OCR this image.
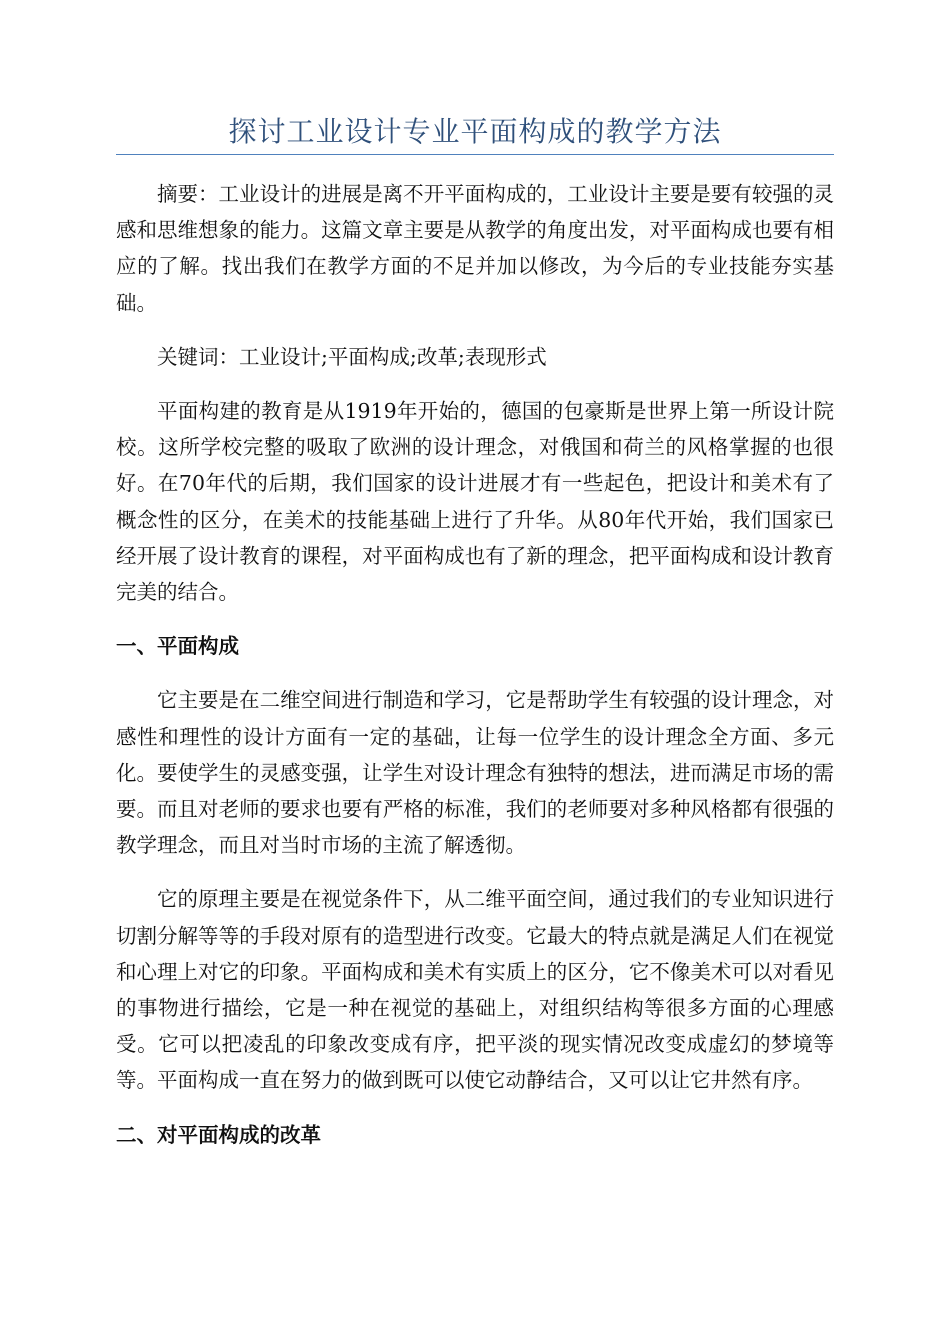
探讨工业设计专业平面构成的教学方法

摘要：工业设计的进展是离不开平面构成的，工业设计主要是要有较强的灵感和思维想象的能力。这篇文章主要是从教学的角度出发，对平面构成也要有相应的了解。找出我们在教学方面的不足并加以修改，为今后的专业技能夯实基础。

关键词：工业设计;平面构成;改革;表现形式

平面构建的教育是从1919年开始的，德国的包豪斯是世界上第一所设计院校。这所学校完整的吸取了欧洲的设计理念，对俄国和荷兰的风格掌握的也很好。在70年代的后期，我们国家的设计进展才有一些起色，把设计和美术有了概念性的区分，在美术的技能基础上进行了升华。从80年代开始，我们国家已经开展了设计教育的课程，对平面构成也有了新的理念，把平面构成和设计教育完美的结合。

一、平面构成

它主要是在二维空间进行制造和学习，它是帮助学生有较强的设计理念，对感性和理性的设计方面有一定的基础，让每一位学生的设计理念全方面、多元化。要使学生的灵感变强，让学生对设计理念有独特的想法，进而满足市场的需要。而且对老师的要求也要有严格的标准，我们的老师要对多种风格都有很强的教学理念，而且对当时市场的主流了解透彻。

它的原理主要是在视觉条件下，从二维平面空间，通过我们的专业知识进行切割分解等等的手段对原有的造型进行改变。它最大的特点就是满足人们在视觉和心理上对它的印象。平面构成和美术有实质上的区分，它不像美术可以对看见的事物进行描绘，它是一种在视觉的基础上，对组织结构等很多方面的心理感受。它可以把凌乱的印象改变成有序，把平淡的现实情况改变成虚幻的梦境等等。平面构成一直在努力的做到既可以使它动静结合，又可以让它井然有序。

二、对平面构成的改革
